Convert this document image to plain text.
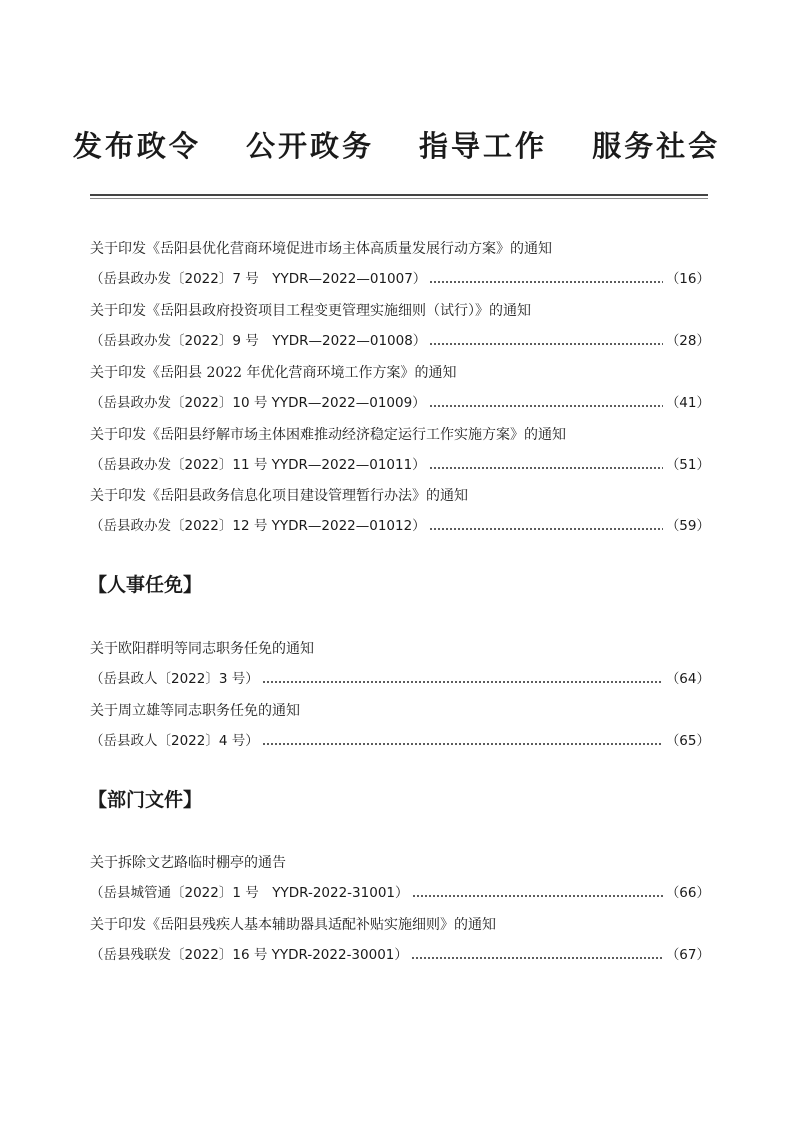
发布政令　 公开政务　 指导工作　 服务社会
关于印发《岳阳县优化营商环境促进市场主体高质量发展行动方案》的通知
（岳县政办发〔2022〕7 号　YYDR—2022—01007）	（16）
关于印发《岳阳县政府投资项目工程变更管理实施细则（试行）》的通知
（岳县政办发〔2022〕9 号　YYDR—2022—01008）	（28）
关于印发《岳阳县 2022 年优化营商环境工作方案》的通知
（岳县政办发〔2022〕10 号 YYDR—2022—01009）	（41）
关于印发《岳阳县纾解市场主体困难推动经济稳定运行工作实施方案》的通知
（岳县政办发〔2022〕11 号 YYDR—2022—01011）	（51）
关于印发《岳阳县政务信息化项目建设管理暂行办法》的通知
（岳县政办发〔2022〕12 号 YYDR—2022—01012）	（59）
【人事任免】
关于欧阳群明等同志职务任免的通知
（岳县政人〔2022〕3 号）	（64）
关于周立雄等同志职务任免的通知
（岳县政人〔2022〕4 号）	（65）
【部门文件】
关于拆除文艺路临时棚亭的通告
（岳县城管通〔2022〕1 号　YYDR-2022-31001）	（66）
关于印发《岳阳县残疾人基本辅助器具适配补贴实施细则》的通知
（岳县残联发〔2022〕16 号 YYDR-2022-30001）	（67）
